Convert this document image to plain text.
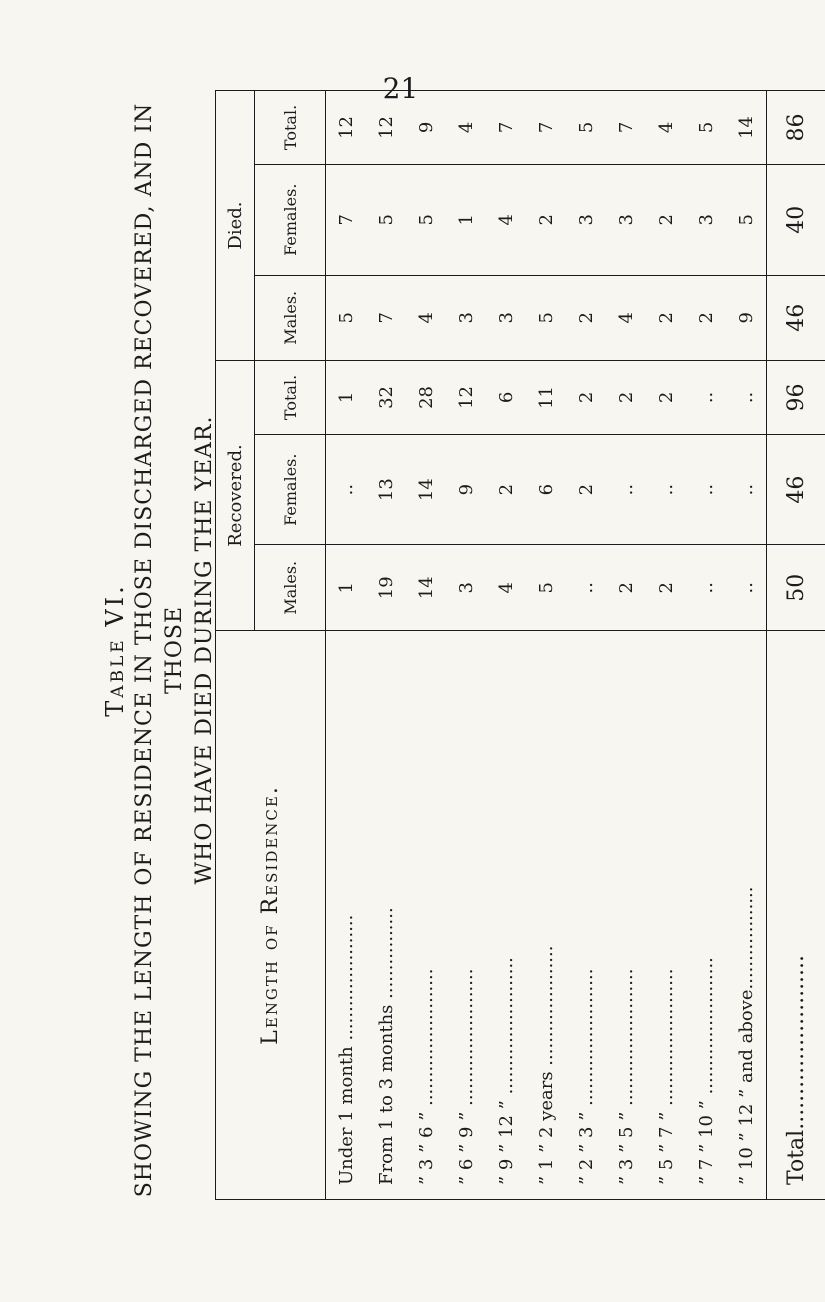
21
Table VI. SHOWING THE LENGTH OF RESIDENCE IN THOSE DISCHARGED RECOVERED, AND IN THOSE WHO HAVE DIED DURING THE YEAR.
Length of Residence.	Recovered.			Died.		
	Males.	Females.	Total.	Males.	Females.	Total.
Under 1 month ......................	1	..	1	5	7	12
From 1 to 3 months ................	19	13	32	7	5	12
” 3 ” 6 ” ........................	14	14	28	4	5	9
” 6 ” 9 ” ........................	3	9	12	3	1	4
” 9 ” 12 ” ........................	4	2	6	3	4	7
” 1 ” 2 years .....................	5	6	11	5	2	7
” 2 ” 3 ” ........................	..	2	2	2	3	5
” 3 ” 5 ” ........................	2	..	2	4	3	7
” 5 ” 7 ” ........................	2	..	2	2	2	4
” 7 ” 10 ” ........................	..	..	..	2	3	5
” 10 ” 12 ” and above..................	..	..	..	9	5	14
Total.........................	50	46	96	46	40	86
